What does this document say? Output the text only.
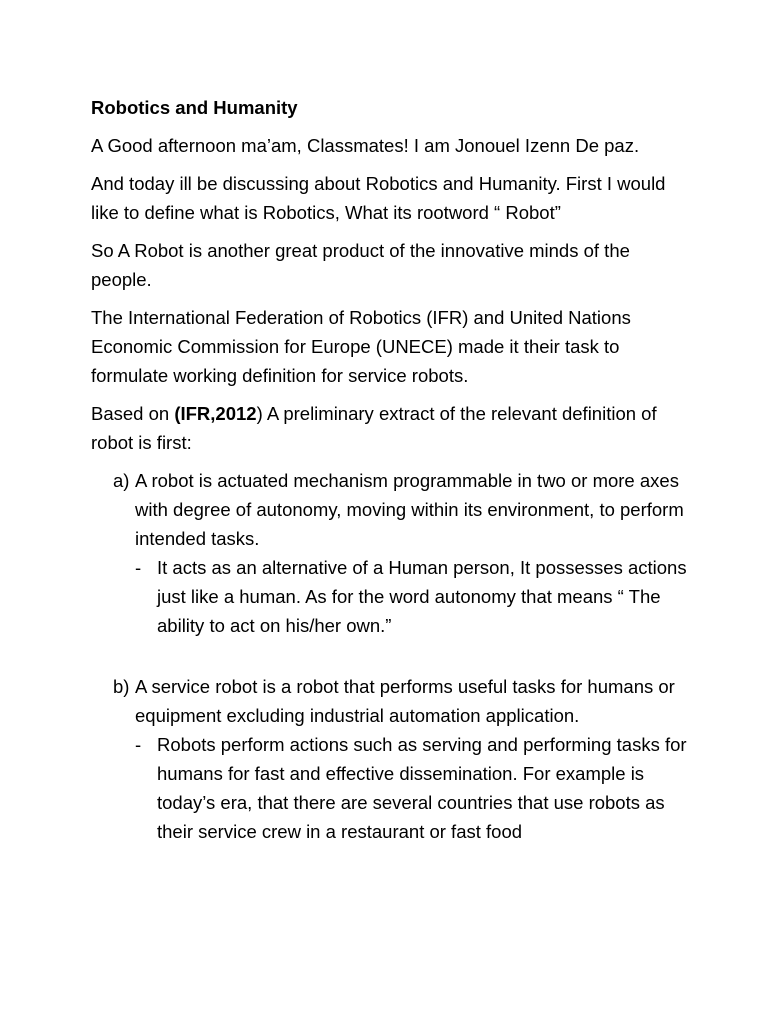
Robotics and Humanity
A Good afternoon ma’am, Classmates! I am Jonouel Izenn De paz.
And today ill be discussing about Robotics and Humanity. First I would like to define what is Robotics, What its rootword “ Robot”
So A Robot is another great product of the innovative minds of the people.
The International Federation of Robotics (IFR) and United Nations Economic Commission for Europe (UNECE) made it their task to formulate working definition for service robots.
Based on (IFR,2012) A preliminary extract of the relevant definition of robot is first:
a) A robot is actuated mechanism programmable in two or more axes with degree of autonomy, moving within its environment, to perform intended tasks.
- It acts as an alternative of a Human person, It possesses actions just like a human. As for the word autonomy that means “ The ability to act on his/her own.”
b) A service robot is a robot that performs useful tasks for humans or equipment excluding industrial automation application.
- Robots perform actions such as serving and performing tasks for humans for fast and effective dissemination. For example is today’s era, that there are several countries that use robots as their service crew in a restaurant or fast food
